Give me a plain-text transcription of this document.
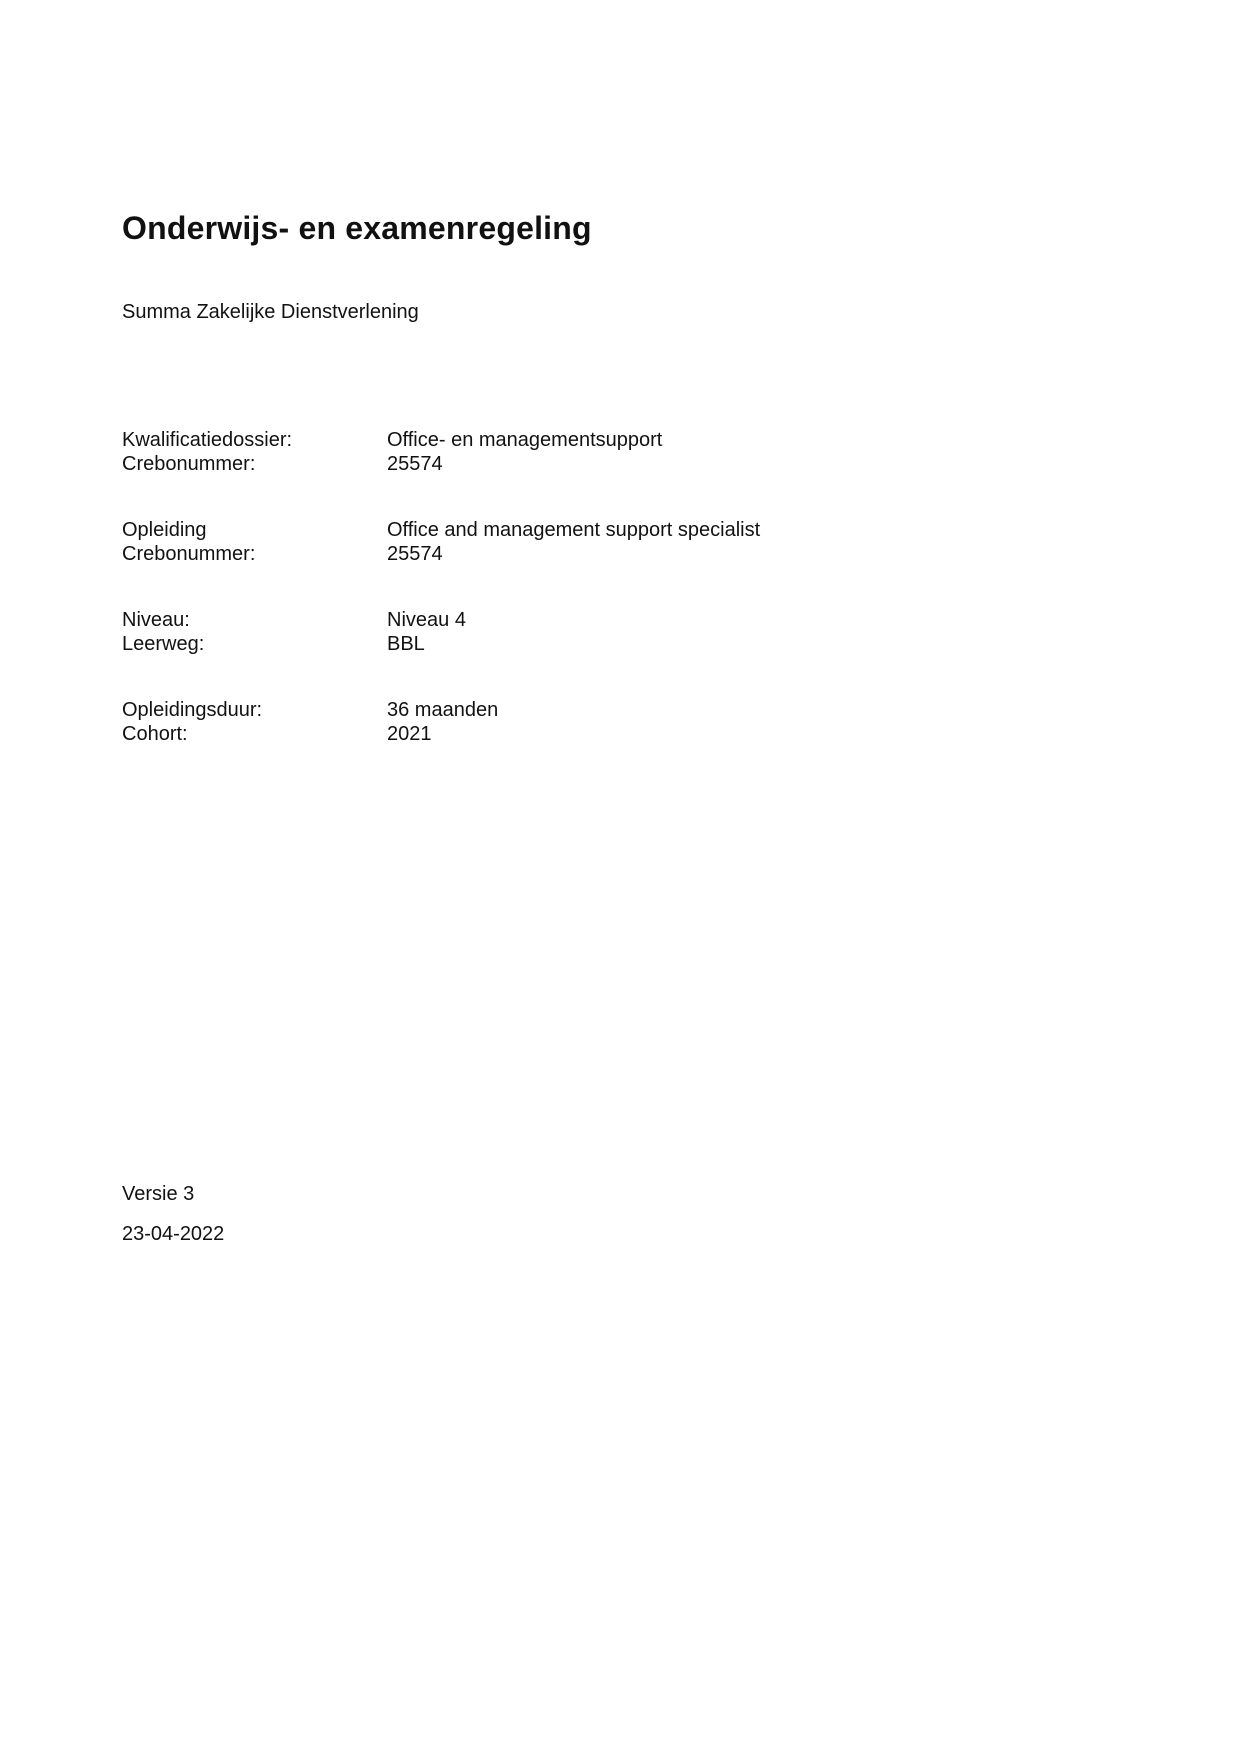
Onderwijs- en examenregeling

Summa Zakelijke Dienstverlening

Kwalificatiedossier:	Office- en managementsupport
Crebonummer:	25574
Opleiding	Office and management support specialist
Crebonummer:	25574
Niveau:	Niveau 4
Leerweg:	BBL
Opleidingsduur:	36 maanden
Cohort:	2021

Versie 3

23-04-2022
